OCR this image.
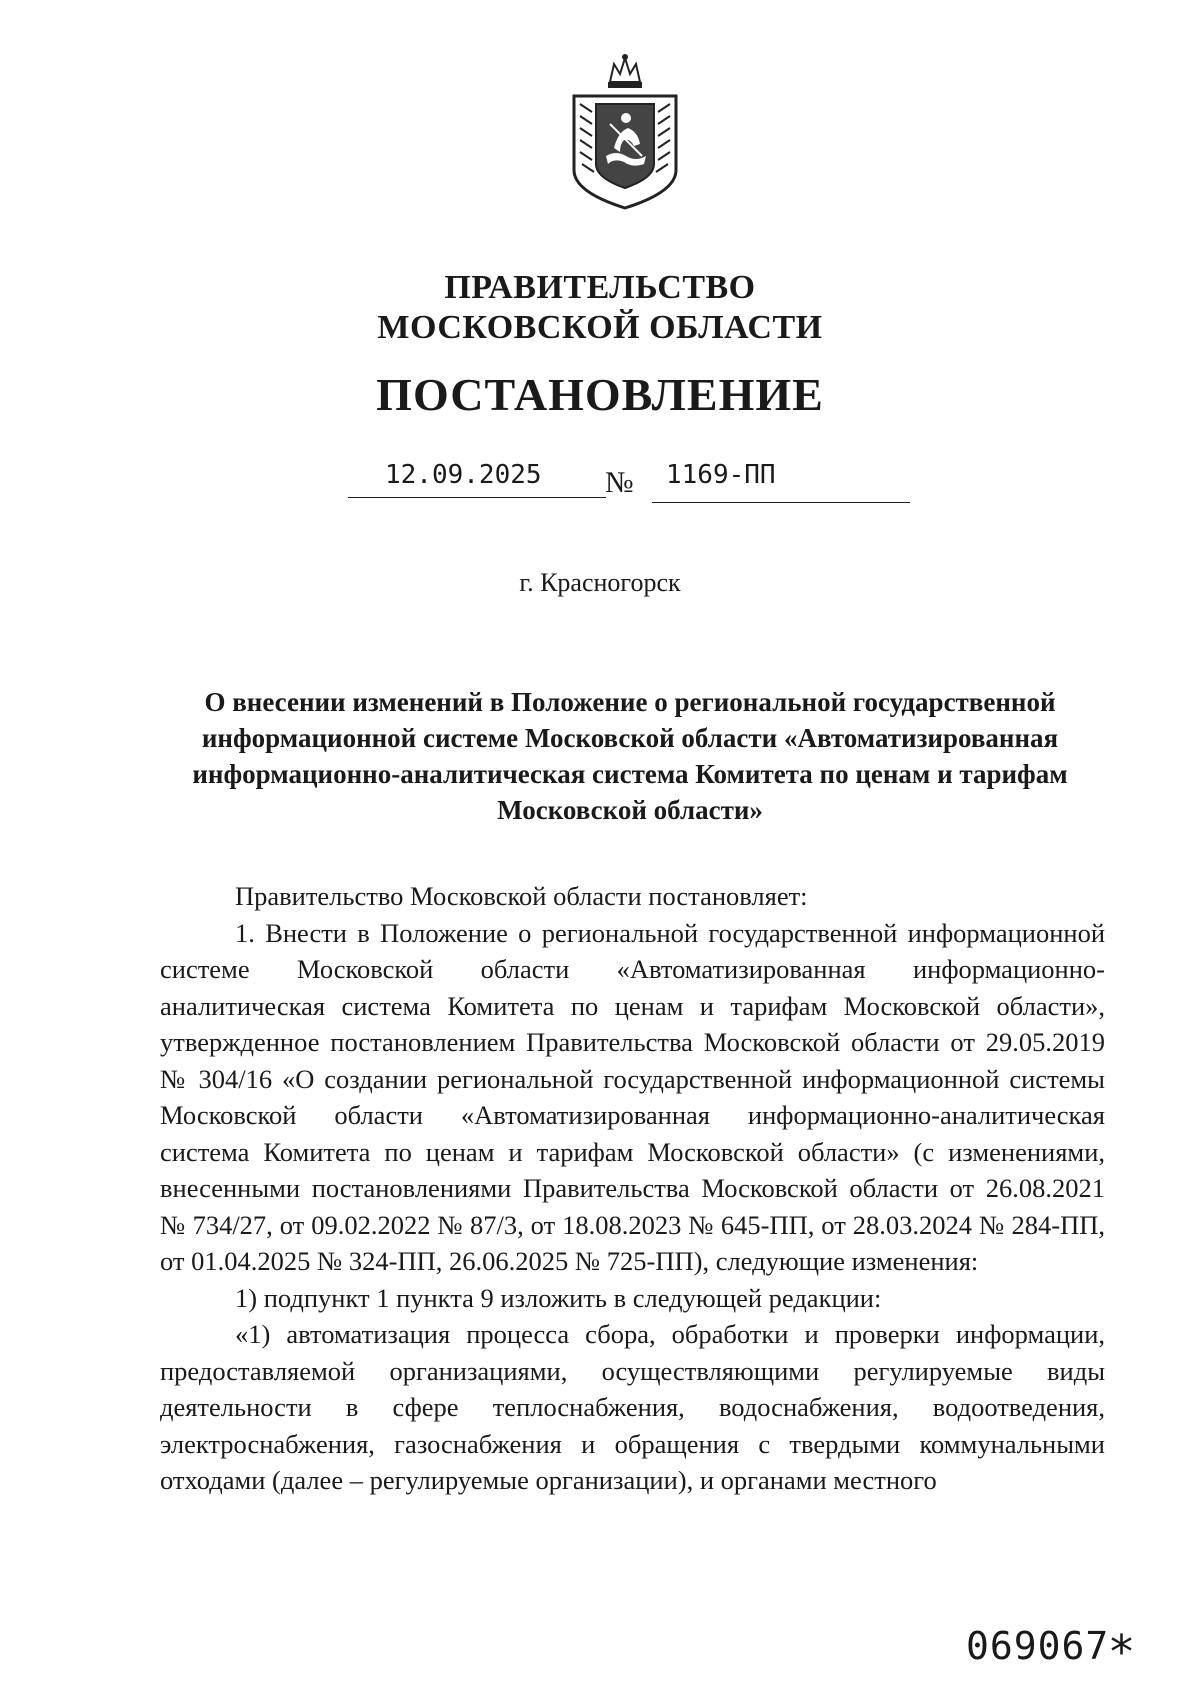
ПРАВИТЕЛЬСТВО
МОСКОВСКОЙ ОБЛАСТИ
ПОСТАНОВЛЕНИЕ
12.09.2025 № 1169-ПП
г. Красногорск
О внесении изменений в Положение о региональной государственной
информационной системе Московской области «Автоматизированная
информационно-аналитическая система Комитета по ценам и тарифам
Московской области»

Правительство Московской области постановляет:

1. Внести в Положение о региональной государственной информационной системе Московской области «Автоматизированная информационно-аналитическая система Комитета по ценам и тарифам Московской области», утвержденное постановлением Правительства Московской области от 29.05.2019 № 304/16 «О создании региональной государственной информационной системы Московской области «Автоматизированная информационно-аналитическая система Комитета по ценам и тарифам Московской области» (с изменениями, внесенными постановлениями Правительства Московской области от 26.08.2021 № 734/27, от 09.02.2022 № 87/3, от 18.08.2023 № 645-ПП, от 28.03.2024 № 284-ПП, от 01.04.2025 № 324-ПП, 26.06.2025 № 725-ПП), следующие изменения:

1) подпункт 1 пункта 9 изложить в следующей редакции:

«1) автоматизация процесса сбора, обработки и проверки информации, предоставляемой организациями, осуществляющими регулируемые виды деятельности в сфере теплоснабжения, водоснабжения, водоотведения, электроснабжения, газоснабжения и обращения с твердыми коммунальными отходами (далее – регулируемые организации), и органами местного

069067 *
